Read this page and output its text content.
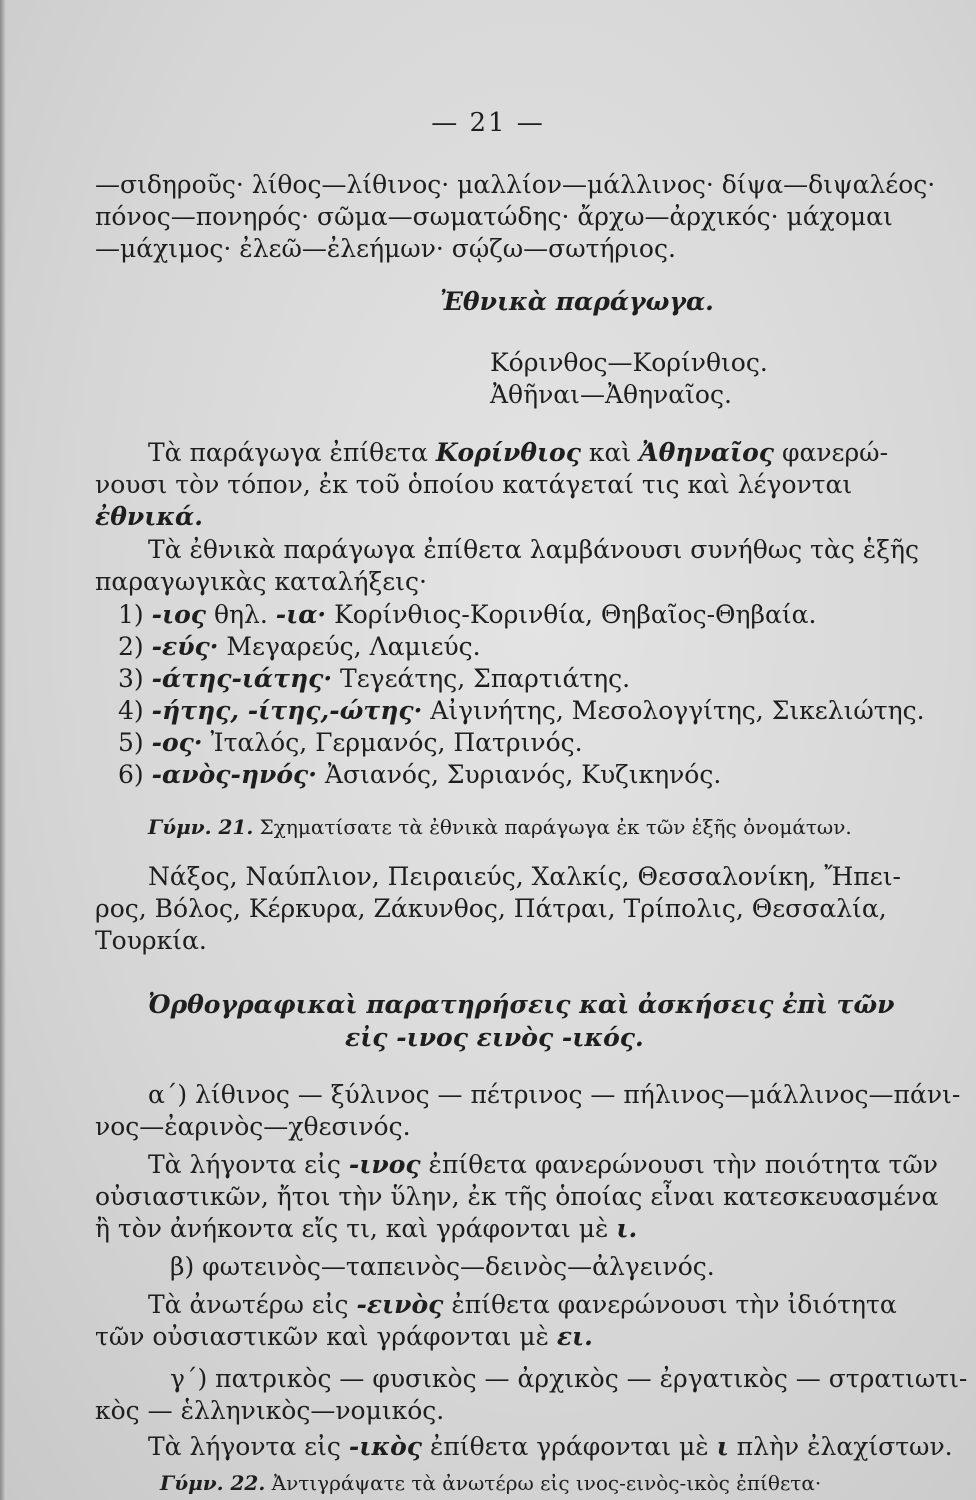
— 21 —
—σιδηροῦς· λίθος—λίθινος· μαλλίον—μάλλινος· δίψα—διψαλέος·
πόνος—πονηρός· σῶμα—σωματώδης· ἄρχω—ἀρχικός· μάχομαι
—μάχιμος· ἐλεῶ—ἐλεήμων· σῴζω—σωτήριος.
Ἐθνικὰ παράγωγα.
Κόρινθος—Κορίνθιος.
Ἀθῆναι—Ἀθηναῖος.
Τὰ παράγωγα ἐπίθετα Κορίνθιος καὶ Ἀθηναῖος φανερώ-
νουσι τὸν τόπον, ἐκ τοῦ ὁποίου κατάγεταί τις καὶ λέγονται
ἐθνικά.
Τὰ ἐθνικὰ παράγωγα ἐπίθετα λαμβάνουσι συνήθως τὰς ἑξῆς
παραγωγικὰς καταλήξεις·
1) -ιος θηλ. -ια· Κορίνθιος-Κορινθία, Θηβαῖος-Θηβαία.
2) -εύς· Μεγαρεύς, Λαμιεύς.
3) -άτης-ιάτης· Τεγεάτης, Σπαρτιάτης.
4) -ήτης, -ίτης,-ώτης· Αἰγινήτης, Μεσολογγίτης, Σικελιώτης.
5) -ος· Ἰταλός, Γερμανός, Πατρινός.
6) -ανὸς-ηνός· Ἀσιανός, Συριανός, Κυζικηνός.
Γύμν. 21. Σχηματίσατε τὰ ἐθνικὰ παράγωγα ἐκ τῶν ἑξῆς ὀνομάτων.
Νάξος, Ναύπλιον, Πειραιεύς, Χαλκίς, Θεσσαλονίκη, Ἤπει-
ρος, Βόλος, Κέρκυρα, Ζάκυνθος, Πάτραι, Τρίπολις, Θεσσαλία,
Τουρκία.
Ὀρθογραφικαὶ παρατηρήσεις καὶ ἀσκήσεις ἐπὶ τῶν
εἰς -ινος εινὸς -ικός.
α΄) λίθινος — ξύλινος — πέτρινος — πήλινος—μάλλινος—πάνι-
νος—ἐαρινὸς—χθεσινός.
Τὰ λήγοντα εἰς -ινος ἐπίθετα φανερώνουσι τὴν ποιότητα τῶν
οὐσιαστικῶν, ἤτοι τὴν ὕλην, ἐκ τῆς ὁποίας εἶναι κατεσκευασμένα
ἢ τὸν ἀνήκοντα εἴς τι, καὶ γράφονται μὲ ι.
β) φωτεινὸς—ταπεινὸς—δεινὸς—ἀλγεινός.
Τὰ ἀνωτέρω εἰς -εινὸς ἐπίθετα φανερώνουσι τὴν ἰδιότητα
τῶν οὐσιαστικῶν καὶ γράφονται μὲ ει.
γ΄) πατρικὸς — φυσικὸς — ἀρχικὸς — ἐργατικὸς — στρατιωτι-
κὸς — ἑλληνικὸς—νομικός.
Τὰ λήγοντα εἰς -ικὸς ἐπίθετα γράφονται μὲ ι πλὴν ἐλαχίστων.
Γύμν. 22. Ἀντιγράψατε τὰ ἀνωτέρω εἰς ινος-εινὸς-ικὸς ἐπίθετα·
